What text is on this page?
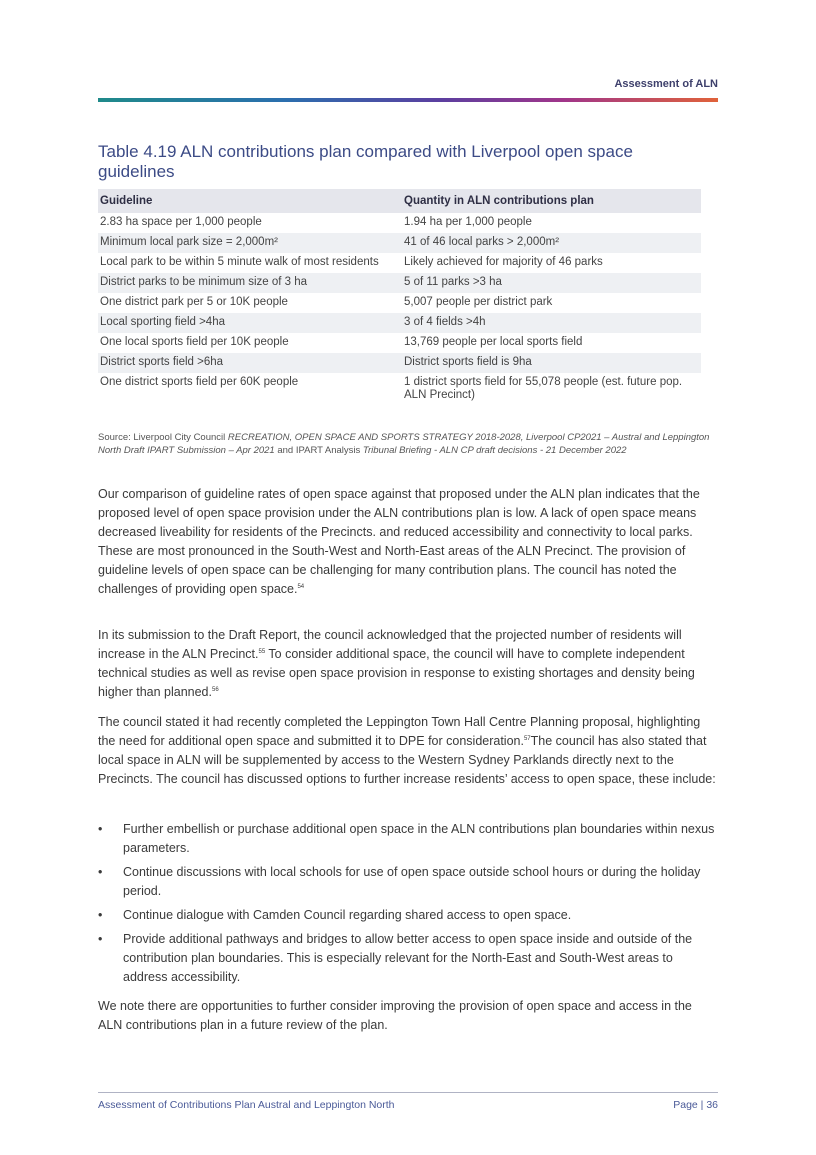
Assessment of ALN
Table 4.19 ALN contributions plan compared with Liverpool open space guidelines
Guideline	Quantity in ALN contributions plan
2.83 ha space per 1,000 people	1.94 ha per 1,000 people
Minimum local park size = 2,000m²	41 of 46 local parks > 2,000m²
Local park to be within 5 minute walk of most residents	Likely achieved for majority of 46 parks
District parks to be minimum size of 3 ha	5 of 11 parks >3 ha
One district park per 5 or 10K people	5,007 people per district park
Local sporting field >4ha	3 of 4 fields >4h
One local sports field per 10K people	13,769 people per local sports field
District sports field >6ha	District sports field is 9ha
One district sports field per 60K people	1 district sports field for 55,078 people (est. future pop. ALN Precinct)
Source: Liverpool City Council RECREATION, OPEN SPACE AND SPORTS STRATEGY 2018-2028, Liverpool CP2021 – Austral and Leppington North Draft IPART Submission – Apr 2021 and IPART Analysis Tribunal Briefing - ALN CP draft decisions - 21 December 2022

Our comparison of guideline rates of open space against that proposed under the ALN plan indicates that the proposed level of open space provision under the ALN contributions plan is low. A lack of open space means decreased liveability for residents of the Precincts. and reduced accessibility and connectivity to local parks. These are most pronounced in the South-West and North-East areas of the ALN Precinct. The provision of guideline levels of open space can be challenging for many contribution plans. The council has noted the challenges of providing open space.$^{54}$

In its submission to the Draft Report, the council acknowledged that the projected number of residents will increase in the ALN Precinct.$^{55}$ To consider additional space, the council will have to complete independent technical studies as well as revise open space provision in response to existing shortages and density being higher than planned.$^{56}$

The council stated it had recently completed the Leppington Town Hall Centre Planning proposal, highlighting the need for additional open space and submitted it to DPE for consideration.$^{57}$The council has also stated that local space in ALN will be supplemented by access to the Western Sydney Parklands directly next to the Precincts. The council has discussed options to further increase residents’ access to open space, these include:

• Further embellish or purchase additional open space in the ALN contributions plan boundaries within nexus parameters.
• Continue discussions with local schools for use of open space outside school hours or during the holiday period.
• Continue dialogue with Camden Council regarding shared access to open space.
• Provide additional pathways and bridges to allow better access to open space inside and outside of the contribution plan boundaries. This is especially relevant for the North-East and South-West areas to address accessibility.

We note there are opportunities to further consider improving the provision of open space and access in the ALN contributions plan in a future review of the plan.

Assessment of Contributions Plan Austral and Leppington North	Page | 36
